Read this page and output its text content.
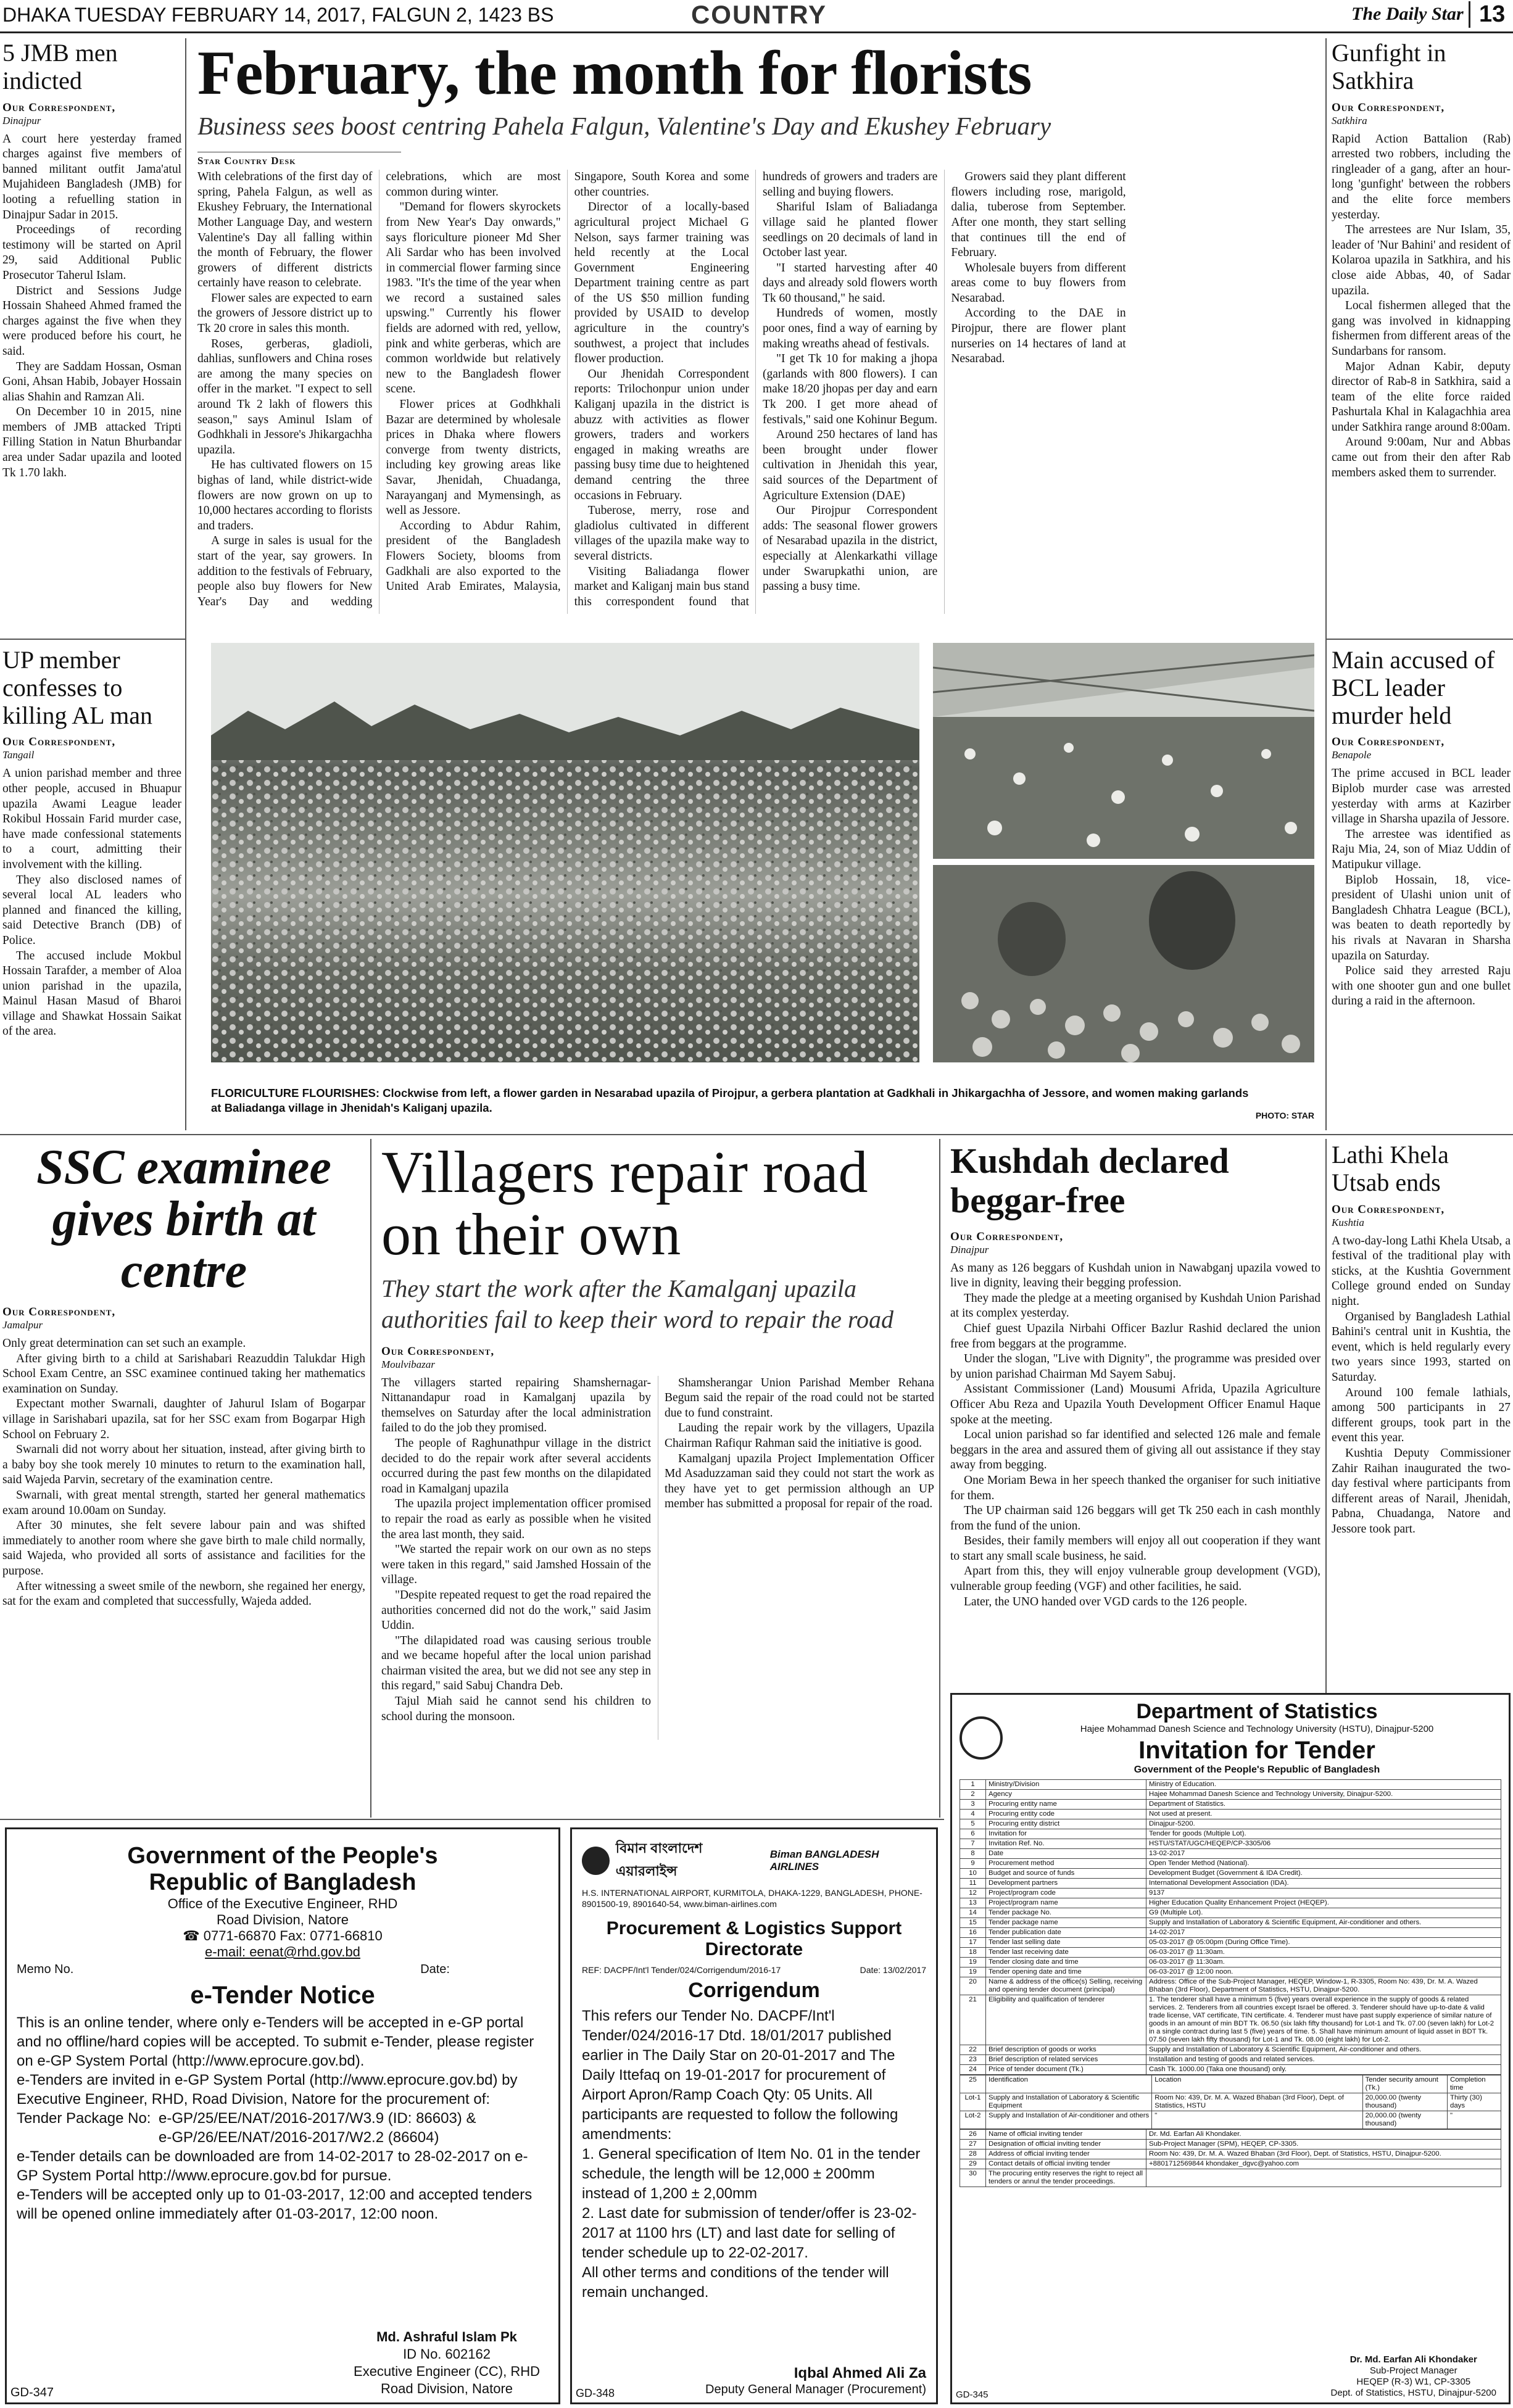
DHAKA TUESDAY FEBRUARY 14, 2017, FALGUN 2, 1423 BS	COUNTRY	The Daily Star 13
5 JMB men indicted
Our Correspondent,
Dinajpur

A court here yesterday framed charges against five members of banned militant outfit Jama'atul Mujahideen Bangladesh (JMB) for looting a refuelling station in Dinajpur Sadar in 2015.

Proceedings of recording testimony will be started on April 29, said Additional Public Prosecutor Taherul Islam.

District and Sessions Judge Hossain Shaheed Ahmed framed the charges against the five when they were produced before his court, he said.

They are Saddam Hossan, Osman Goni, Ahsan Habib, Jobayer Hossain alias Shahin and Ramzan Ali.

On December 10 in 2015, nine members of JMB attacked Tripti Filling Station in Natun Bhurbandar area under Sadar upazila and looted Tk 1.70 lakh.

UP member confesses to killing AL man
Our Correspondent,
Tangail

A union parishad member and three other people, accused in Bhuapur upazila Awami League leader Rokibul Hossain Farid murder case, have made confessional statements to a court, admitting their involvement with the killing.

They also disclosed names of several local AL leaders who planned and financed the killing, said Detective Branch (DB) of Police.

The accused include Mokbul Hossain Tarafder, a member of Aloa union parishad in the upazila, Mainul Hasan Masud of Bharoi village and Shawkat Hossain Saikat of the area.

February, the month for florists
Business sees boost centring Pahela Falgun, Valentine's Day and Ekushey February
Star Country Desk

With celebrations of the first day of spring, Pahela Falgun, as well as Ekushey February, the International Mother Language Day, and western Valentine's Day all falling within the month of February, the flower growers of different districts certainly have reason to celebrate.

Flower sales are expected to earn the growers of Jessore district up to Tk 20 crore in sales this month.

Roses, gerberas, gladioli, dahlias, sunflowers and China roses are among the many species on offer in the market. "I expect to sell around Tk 2 lakh of flowers this season," says Aminul Islam of Godhkhali in Jessore's Jhikargachha upazila.

He has cultivated flowers on 15 bighas of land, while district-wide flowers are now grown on up to 10,000 hectares according to florists and traders.

A surge in sales is usual for the start of the year, say growers. In addition to the festivals of February, people also buy flowers for New Year's Day and wedding celebrations, which are most common during winter.

"Demand for flowers skyrockets from New Year's Day onwards," says floriculture pioneer Md Sher Ali Sardar who has been involved in commercial flower farming since 1983. "It's the time of the year when we record a sustained sales upswing." Currently his flower fields are adorned with red, yellow, pink and white gerberas, which are common worldwide but relatively new to the Bangladesh flower scene.

Flower prices at Godhkhali Bazar are determined by wholesale prices in Dhaka where flowers converge from twenty districts, including key growing areas like Savar, Jhenidah, Chuadanga, Narayanganj and Mymensingh, as well as Jessore.

According to Abdur Rahim, president of the Bangladesh Flowers Society, blooms from Gadkhali are also exported to the United Arab Emirates, Malaysia, Singapore, South Korea and some other countries.

Director of a locally-based agricultural project Michael G Nelson, says farmer training was held recently at the Local Government Engineering Department training centre as part of the US $50 million funding provided by USAID to develop agriculture in the country's southwest, a project that includes flower production.

Our Jhenidah Correspondent reports: Trilochonpur union under Kaliganj upazila in the district is abuzz with activities as flower growers, traders and workers engaged in making wreaths are passing busy time due to heightened demand centring the three occasions in February.

Tuberose, merry, rose and gladiolus cultivated in different villages of the upazila make way to several districts.

Visiting Baliadanga flower market and Kaliganj main bus stand this correspondent found that hundreds of growers and traders are selling and buying flowers.

Shariful Islam of Baliadanga village said he planted flower seedlings on 20 decimals of land in October last year.

"I started harvesting after 40 days and already sold flowers worth Tk 60 thousand," he said.

Hundreds of women, mostly poor ones, find a way of earning by making wreaths ahead of festivals.

"I get Tk 10 for making a jhopa (garlands with 800 flowers). I can make 18/20 jhopas per day and earn Tk 200. I get more ahead of festivals," said one Kohinur Begum.

Around 250 hectares of land has been brought under flower cultivation in Jhenidah this year, said sources of the Department of Agriculture Extension (DAE)

Our Pirojpur Correspondent adds: The seasonal flower growers of Nesarabad upazila in the district, especially at Alenkarkathi village under Swarupkathi union, are passing a busy time.

Growers said they plant different flowers including rose, marigold, dalia, tuberose from September. After one month, they start selling that continues till the end of February.

Wholesale buyers from different areas come to buy flowers from Nesarabad.

According to the DAE in Pirojpur, there are flower plant nurseries on 14 hectares of land at Nesarabad.

FLORICULTURE FLOURISHES: Clockwise from left, a flower garden in Nesarabad upazila of Pirojpur, a gerbera plantation at Gadkhali in Jhikargachha of Jessore, and women making garlands at Baliadanga village in Jhenidah's Kaliganj upazila.
PHOTO: STAR
Gunfight in Satkhira
Our Correspondent,
Satkhira

Rapid Action Battalion (Rab) arrested two robbers, including the ringleader of a gang, after an hour-long 'gunfight' between the robbers and the elite force members yesterday.

The arrestees are Nur Islam, 35, leader of 'Nur Bahini' and resident of Kolaroa upazila in Satkhira, and his close aide Abbas, 40, of Sadar upazila.

Local fishermen alleged that the gang was involved in kidnapping fishermen from different areas of the Sundarbans for ransom.

Major Adnan Kabir, deputy director of Rab-8 in Satkhira, said a team of the elite force raided Pashurtala Khal in Kalagachhia area under Satkhira range around 8:00am.

Around 9:00am, Nur and Abbas came out from their den after Rab members asked them to surrender.

Main accused of BCL leader murder held
Our Correspondent,
Benapole

The prime accused in BCL leader Biplob murder case was arrested yesterday with arms at Kazirber village in Sharsha upazila of Jessore.

The arrestee was identified as Raju Mia, 24, son of Miaz Uddin of Matipukur village.

Biplob Hossain, 18, vice-president of Ulashi union unit of Bangladesh Chhatra League (BCL), was beaten to death reportedly by his rivals at Navaran in Sharsha upazila on Saturday.

Police said they arrested Raju with one shooter gun and one bullet during a raid in the afternoon.

SSC examinee gives birth at centre
Our Correspondent,
Jamalpur

Only great determination can set such an example.

After giving birth to a child at Sarishabari Reazuddin Talukdar High School Exam Centre, an SSC examinee continued taking her mathematics examination on Sunday.

Expectant mother Swarnali, daughter of Jahurul Islam of Bogarpar village in Sarishabari upazila, sat for her SSC exam from Bogarpar High School on February 2.

Swarnali did not worry about her situation, instead, after giving birth to a baby boy she took merely 10 minutes to return to the examination hall, said Wajeda Parvin, secretary of the examination centre.

Swarnali, with great mental strength, started her general mathematics exam around 10.00am on Sunday.

After 30 minutes, she felt severe labour pain and was shifted immediately to another room where she gave birth to male child normally, said Wajeda, who provided all sorts of assistance and facilities for the purpose.

After witnessing a sweet smile of the newborn, she regained her energy, sat for the exam and completed that successfully, Wajeda added.

Villagers repair road on their own
They start the work after the Kamalganj upazila authorities fail to keep their word to repair the road
Our Correspondent,
Moulvibazar

The villagers started repairing Shamshernagar-Nittanandapur road in Kamalganj upazila by themselves on Saturday after the local administration failed to do the job they promised.

The people of Raghunathpur village in the district decided to do the repair work after several accidents occurred during the past few months on the dilapidated road in Kamalganj upazila

The upazila project implementation officer promised to repair the road as early as possible when he visited the area last month, they said.

"We started the repair work on our own as no steps were taken in this regard," said Jamshed Hossain of the village.

"Despite repeated request to get the road repaired the authorities concerned did not do the work," said Jasim Uddin.

"The dilapidated road was causing serious trouble and we became hopeful after the local union parishad chairman visited the area, but we did not see any step in this regard," said Sabuj Chandra Deb.

Tajul Miah said he cannot send his children to school during the monsoon.

Shamsherangar Union Parishad Member Rehana Begum said the repair of the road could not be started due to fund constraint.

Lauding the repair work by the villagers, Upazila Chairman Rafiqur Rahman said the initiative is good.

Kamalganj upazila Project Implementation Officer Md Asaduzzaman said they could not start the work as they have yet to get permission although an UP member has submitted a proposal for repair of the road.

Kushdah declared beggar-free
Our Correspondent,
Dinajpur

As many as 126 beggars of Kushdah union in Nawabganj upazila vowed to live in dignity, leaving their begging profession.

They made the pledge at a meeting organised by Kushdah Union Parishad at its complex yesterday.

Chief guest Upazila Nirbahi Officer Bazlur Rashid declared the union free from beggars at the programme.

Under the slogan, "Live with Dignity", the programme was presided over by union parishad Chairman Md Sayem Sabuj.

Assistant Commissioner (Land) Mousumi Afrida, Upazila Agriculture Officer Abu Reza and Upazila Youth Development Officer Enamul Haque spoke at the meeting.

Local union parishad so far identified and selected 126 male and female beggars in the area and assured them of giving all out assistance if they stay away from begging.

One Moriam Bewa in her speech thanked the organiser for such initiative for them.

The UP chairman said 126 beggars will get Tk 250 each in cash monthly from the fund of the union.

Besides, their family members will enjoy all out cooperation if they want to start any small scale business, he said.

Apart from this, they will enjoy vulnerable group development (VGD), vulnerable group feeding (VGF) and other facilities, he said.

Later, the UNO handed over VGD cards to the 126 people.

Lathi Khela Utsab ends
Our Correspondent,
Kushtia

A two-day-long Lathi Khela Utsab, a festival of the traditional play with sticks, at the Kushtia Government College ground ended on Sunday night.

Organised by Bangladesh Lathial Bahini's central unit in Kushtia, the event, which is held regularly every two years since 1993, started on Saturday.

Around 100 female lathials, among 500 participants in 27 different groups, took part in the event this year.

Kushtia Deputy Commissioner Zahir Raihan inaugurated the two-day festival where participants from different areas of Narail, Jhenidah, Pabna, Chuadanga, Natore and Jessore took part.

Government of the People's
Republic of Bangladesh
Office of the Executive Engineer, RHD
Road Division, Natore
☎ 0771-66870 Fax: 0771-66810
e-mail: eenat@rhd.gov.bd
Memo No.	Date:
e-Tender Notice
This is an online tender, where only e-Tenders will be accepted in e-GP portal and no offline/hard copies will be accepted. To submit e-Tender, please register on e-GP System Portal (http://www.eprocure.gov.bd).
e-Tenders are invited in e-GP System Portal (http://www.eprocure.gov.bd) by Executive Engineer, RHD, Road Division, Natore for the procurement of:
Tender Package No: e-GP/25/EE/NAT/2016-2017/W3.9 (ID: 86603) &
e-GP/26/EE/NAT/2016-2017/W2.2 (86604)
e-Tender details can be downloaded are from 14-02-2017 to 28-02-2017 on e-GP System Portal http://www.eprocure.gov.bd for pursue.
e-Tenders will be accepted only up to 01-03-2017, 12:00 and accepted tenders will be opened online immediately after 01-03-2017, 12:00 noon.
Md. Ashraful Islam Pk
ID No. 602162
Executive Engineer (CC), RHD
Road Division, Natore
GD-347
বিমান বাংলাদেশ এয়ারলাইন্স
Biman BANGLADESH AIRLINES
H.S. INTERNATIONAL AIRPORT, KURMITOLA, DHAKA-1229, BANGLADESH, PHONE-8901500-19, 8901640-54, www.biman-airlines.com
Procurement & Logistics Support
Directorate
REF: DACPF/Int'l Tender/024/Corrigendum/2016-17	Date: 13/02/2017
Corrigendum
This refers our Tender No. DACPF/Int'l Tender/024/2016-17 Dtd. 18/01/2017 published earlier in The Daily Star on 20-01-2017 and The Daily Ittefaq on 19-01-2017 for procurement of Airport Apron/Ramp Coach Qty: 05 Units. All participants are requested to follow the following amendments:
1. General specification of Item No. 01 in the tender schedule, the length will be 12,000 ± 200mm instead of 1,200 ± 2,00mm
2. Last date for submission of tender/offer is 23-02-2017 at 1100 hrs (LT) and last date for selling of tender schedule up to 22-02-2017.
All other terms and conditions of the tender will remain unchanged.
Iqbal Ahmed Ali Za
Deputy General Manager (Procurement)
GD-348
Department of Statistics
Hajee Mohammad Danesh Science and Technology University (HSTU), Dinajpur-5200
Invitation for Tender
Government of the People's Republic of Bangladesh
1	Ministry/Division	Ministry of Education.
2	Agency	Hajee Mohammad Danesh Science and Technology University, Dinajpur-5200.
3	Procuring entity name	Department of Statistics.
4	Procuring entity code	Not used at present.
5	Procuring entity district	Dinajpur-5200.
6	Invitation for	Tender for goods (Multiple Lot).
7	Invitation Ref. No.	HSTU/STAT/UGC/HEQEP/CP-3305/06
8	Date	13-02-2017
9	Procurement method	Open Tender Method (National).
10	Budget and source of funds	Development Budget (Government & IDA Credit).
11	Development partners	International Development Association (IDA).
12	Project/program code	9137
13	Project/program name	Higher Education Quality Enhancement Project (HEQEP).
14	Tender package No.	G9 (Multiple Lot).
15	Tender package name	Supply and Installation of Laboratory & Scientific Equipment, Air-conditioner and others.
16	Tender publication date	14-02-2017
17	Tender last selling date	05-03-2017 @ 05:00pm (During Office Time).
18	Tender last receiving date	06-03-2017 @ 11:30am.
19	Tender closing date and time	06-03-2017 @ 11:30am.
19	Tender opening date and time	06-03-2017 @ 12:00 noon.
20	Name & address of the office(s) Selling, receiving and opening tender document (principal)	Address: Office of the Sub-Project Manager, HEQEP, Window-1, R-3305, Room No: 439, Dr. M. A. Wazed Bhaban (3rd Floor), Department of Statistics, HSTU, Dinajpur-5200.
21	Eligibility and qualification of tenderer	1. The tenderer shall have a minimum 5 (five) years overall experience in the supply of goods & related services. 2. Tenderers from all countries except Israel be offered. 3. Tenderer should have up-to-date & valid trade license, VAT certificate, TIN certificate. 4. Tenderer must have past supply experience of similar nature of goods in an amount of min BDT Tk. 06.50 (six lakh fifty thousand) for Lot-1 and Tk. 07.00 (seven lakh) for Lot-2 in a single contract during last 5 (five) years of time. 5. Shall have minimum amount of liquid asset in BDT Tk. 07.50 (seven lakh fifty thousand) for Lot-1 and Tk. 08.00 (eight lakh) for Lot-2.
22	Brief description of goods or works	Supply and Installation of Laboratory & Scientific Equipment, Air-conditioner and others.
23	Brief description of related services	Installation and testing of goods and related services.
24	Price of tender document (Tk.)	Cash Tk. 1000.00 (Taka one thousand) only.
25	Identification	Location	Tender security amount (Tk.)	Completion time
Lot-1	Supply and Installation of Laboratory & Scientific Equipment	Room No: 439, Dr. M. A. Wazed Bhaban (3rd Floor), Dept. of Statistics, HSTU	20,000.00 (twenty thousand)	Thirty (30) days
Lot-2	Supply and Installation of Air-conditioner and others	"	20,000.00 (twenty thousand)	"
26	Name of official inviting tender	Dr. Md. Earfan Ali Khondaker.
27	Designation of official inviting tender	Sub-Project Manager (SPM), HEQEP, CP-3305.
28	Address of official inviting tender	Room No: 439, Dr. M. A. Wazed Bhaban (3rd Floor), Dept. of Statistics, HSTU, Dinajpur-5200.
29	Contact details of official inviting tender	+8801712569844 khondaker_dgvc@yahoo.com
30	The procuring entity reserves the right to reject all tenders or annul the tender proceedings.	
Dr. Md. Earfan Ali Khondaker
Sub-Project Manager
HEQEP (R-3) W1, CP-3305
Dept. of Statistics, HSTU, Dinajpur-5200
GD-345
